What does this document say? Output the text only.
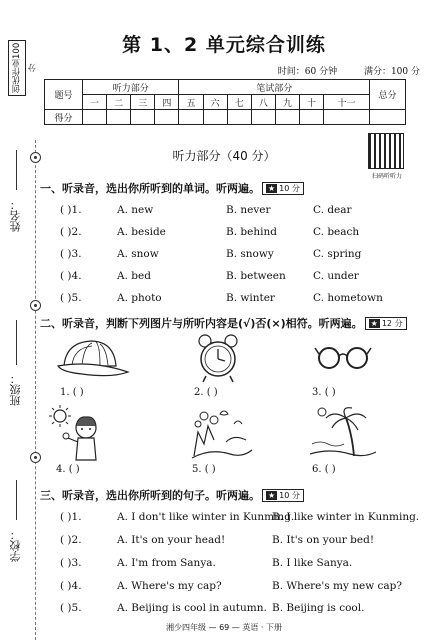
创优作业100分
姓名：
班级：
学校：
第 1、2 单元综合训练
时间：60 分钟	满分：100 分
题号	听力部分				笔试部分							总分
	一	二	三	四	五	六	七	八	九	十	十一	
得分												
扫码听听力
听力部分（40 分）
一、听录音，选出你所听到的单词。听两遍。 ★ 10 分
( )1.	A. new	B. never	C. dear
( )2.	A. beside	B. behind	C. beach
( )3.	A. snow	B. snowy	C. spring
( )4.	A. bed	B. between	C. under
( )5.	A. photo	B. winter	C. hometown
二、听录音，判断下列图片与所听内容是(√)否(×)相符。听两遍。 ★ 12 分
1. ( )	2. ( )	3. ( )
4. ( )	5. ( )	6. ( )
三、听录音，选出你所听到的句子。听两遍。 ★ 10 分
( )1.	A. I don't like winter in Kunming.
B. I like winter in Kunming.
( )2.	A. It's on your head!	B. It's on your bed!
( )3.	A. I'm from Sanya.	B. I like Sanya.
( )4.	A. Where's my cap?	B. Where's my new cap?
( )5.	A. Beijing is cool in autumn. B. Beijing is cool.
湘少四年级 — 69 — 英语 · 下册
